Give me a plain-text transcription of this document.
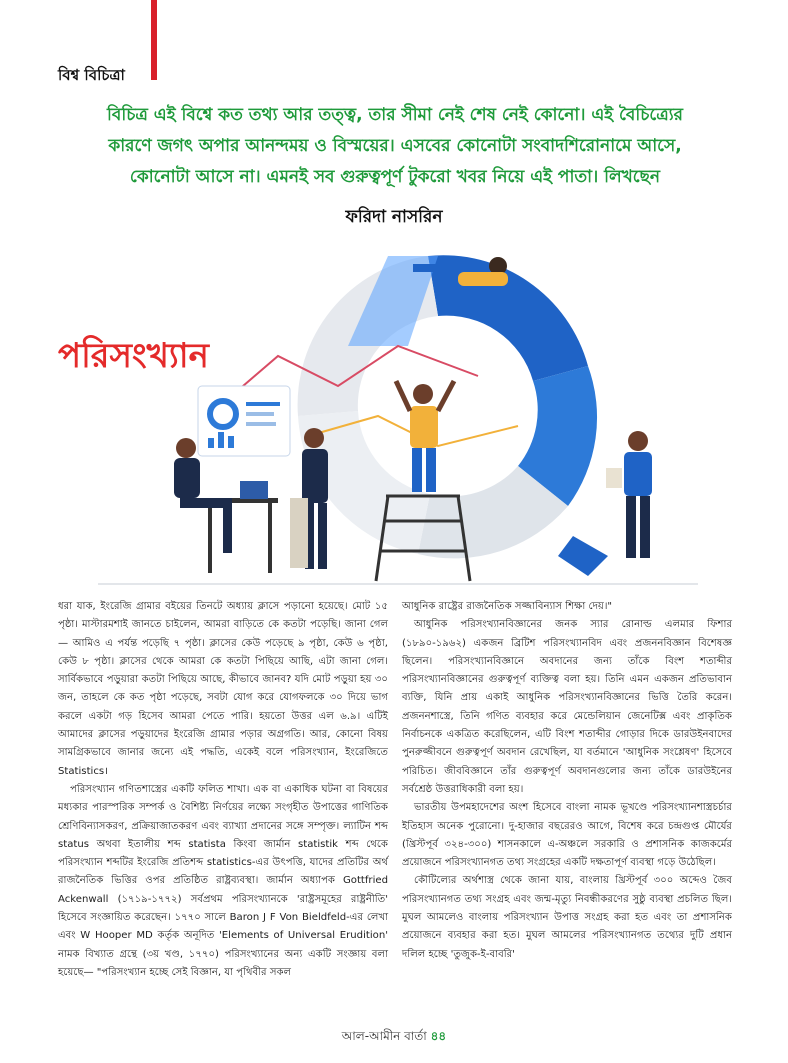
বিশ্ব বিচিত্রা
বিচিত্র এই বিশ্বে কত তথ্য আর তত্ত্ব, তার সীমা নেই শেষ নেই কোনো। এই বৈচিত্র্যের
কারণে জগৎ অপার আনন্দময় ও বিস্ময়ের। এসবের কোনোটা সংবাদশিরোনামে আসে,
কোনোটা আসে না। এমনই সব গুরুত্বপূর্ণ টুকরো খবর নিয়ে এই পাতা। লিখছেন
ফরিদা নাসরিন
পরিসংখ্যান

ধরা যাক, ইংরেজি গ্রামার বইয়ের তিনটে অধ্যায় ক্লাসে পড়ানো হয়েছে। মোট ১৫ পৃষ্ঠা। মাস্টারমশাই জানতে চাইলেন, আমরা বাড়িতে কে কতটা পড়েছি। জানা গেল— আমিও এ পর্যন্ত পড়েছি ৭ পৃষ্ঠা। ক্লাসের কেউ পড়েছে ৯ পৃষ্ঠা, কেউ ৬ পৃষ্ঠা, কেউ ৮ পৃষ্ঠা। ক্লাসের থেকে আমরা কে কতটা পিছিয়ে আছি, এটা জানা গেল। সার্বিকভাবে পড়ুয়ারা কতটা পিছিয়ে আছে, কীভাবে জানব? যদি মোট পড়ুয়া হয় ৩০ জন, তাহলে কে কত পৃষ্ঠা পড়েছে, সবটা যোগ করে যোগফলকে ৩০ দিয়ে ভাগ করলে একটা গড় হিসেব আমরা পেতে পারি। হয়তো উত্তর এল ৬.৯। এটিই আমাদের ক্লাসের পড়ুয়াদের ইংরেজি গ্রামার পড়ার অগ্রগতি। আর, কোনো বিষয় সামগ্রিকভাবে জানার জন্যে এই পদ্ধতি, একেই বলে পরিসংখ্যান, ইংরেজিতে Statistics।

পরিসংখ্যান গণিতশাস্ত্রের একটি ফলিত শাখা। এক বা একাধিক ঘটনা বা বিষয়ের মধ্যকার পারস্পরিক সম্পর্ক ও বৈশিষ্ট্য নির্ণয়ের লক্ষ্যে সংগৃহীত উপাত্তের গাণিতিক শ্রেণিবিন্যাসকরণ, প্রক্রিয়াজাতকরণ এবং ব্যাখ্যা প্রদানের সঙ্গে সম্পৃক্ত। ল্যাটিন শব্দ status অথবা ইতালীয় শব্দ statista কিংবা জার্মান statistik শব্দ থেকে পরিসংখ্যান শব্দটির ইংরেজি প্রতিশব্দ statistics-এর উৎপত্তি, যাদের প্রতিটির অর্থ রাজনৈতিক ভিত্তির ওপর প্রতিষ্ঠিত রাষ্ট্রব্যবস্থা। জার্মান অধ্যাপক Gottfried Ackenwall (১৭১৯-১৭৭২) সর্বপ্রথম পরিসংখ্যানকে 'রাষ্ট্রসমূহের রাষ্ট্রনীতি' হিসেবে সংজ্ঞায়িত করেছেন। ১৭৭০ সালে Baron J F Von Bieldfeld-এর লেখা এবং W Hooper MD কর্তৃক অনূদিত 'Elements of Universal Erudition' নামক বিখ্যাত গ্রন্থে (৩য় খণ্ড, ১৭৭০) পরিসংখ্যানের অন্য একটি সংজ্ঞায় বলা হয়েছে— "পরিসংখ্যান হচ্ছে সেই বিজ্ঞান, যা পৃথিবীর সকল

আধুনিক রাষ্ট্রের রাজনৈতিক সজ্জাবিন্যাস শিক্ষা দেয়।"

আধুনিক পরিসংখ্যানবিজ্ঞানের জনক স্যার রোনাল্ড এলমার ফিশার (১৮৯০-১৯৬২) একজন ব্রিটিশ পরিসংখ্যানবিদ এবং প্রজননবিজ্ঞান বিশেষজ্ঞ ছিলেন। পরিসংখ্যানবিজ্ঞানে অবদানের জন্য তাঁকে বিংশ শতাব্দীর পরিসংখ্যানবিজ্ঞানের গুরুত্বপূর্ণ ব্যক্তিত্ব বলা হয়। তিনি এমন একজন প্রতিভাবান ব্যক্তি, যিনি প্রায় একাই আধুনিক পরিসংখ্যানবিজ্ঞানের ভিত্তি তৈরি করেন। প্রজননশাস্ত্রে, তিনি গণিত ব্যবহার করে মেন্ডেলিয়ান জেনেটিক্স এবং প্রাকৃতিক নির্বাচনকে একত্রিত করেছিলেন, এটি বিংশ শতাব্দীর গোড়ার দিকে ডারউইনবাদের পুনরুজ্জীবনে গুরুত্বপূর্ণ অবদান রেখেছিল, যা বর্তমানে 'আধুনিক সংশ্লেষণ' হিসেবে পরিচিত। জীববিজ্ঞানে তাঁর গুরুত্বপূর্ণ অবদানগুলোর জন্য তাঁকে ডারউইনের সর্বশ্রেষ্ঠ উত্তরাধিকারী বলা হয়।

ভারতীয় উপমহাদেশের অংশ হিসেবে বাংলা নামক ভূখণ্ডে পরিসংখ্যানশাস্ত্রচর্চার ইতিহাস অনেক পুরোনো। দু-হাজার বছরেরও আগে, বিশেষ করে চন্দ্রগুপ্ত মৌর্যের (খ্রিস্টপূর্ব ৩২৪-৩০০) শাসনকালে এ-অঞ্চলে সরকারি ও প্রশাসনিক কাজকর্মের প্রয়োজনে পরিসংখ্যানগত তথ্য সংগ্রহের একটি দক্ষতাপূর্ণ ব্যবস্থা গড়ে উঠেছিল।

কৌটিল্যের অর্থশাস্ত্র থেকে জানা যায়, বাংলায় খ্রিস্টপূর্ব ৩০০ অব্দেও জৈব পরিসংখ্যানগত তথ্য সংগ্রহ এবং জন্ম-মৃত্যু নিবন্ধীকরণের সুষ্ঠু ব্যবস্থা প্রচলিত ছিল। মুঘল আমলেও বাংলায় পরিসংখ্যান উপাত্ত সংগ্রহ করা হত এবং তা প্রশাসনিক প্রয়োজনে ব্যবহার করা হত। মুঘল আমলের পরিসংখ্যানগত তথ্যের দুটি প্রধান দলিল হচ্ছে 'তুজুক-ই-বাবরি'

আল-আমীন বার্তা ৪৪
